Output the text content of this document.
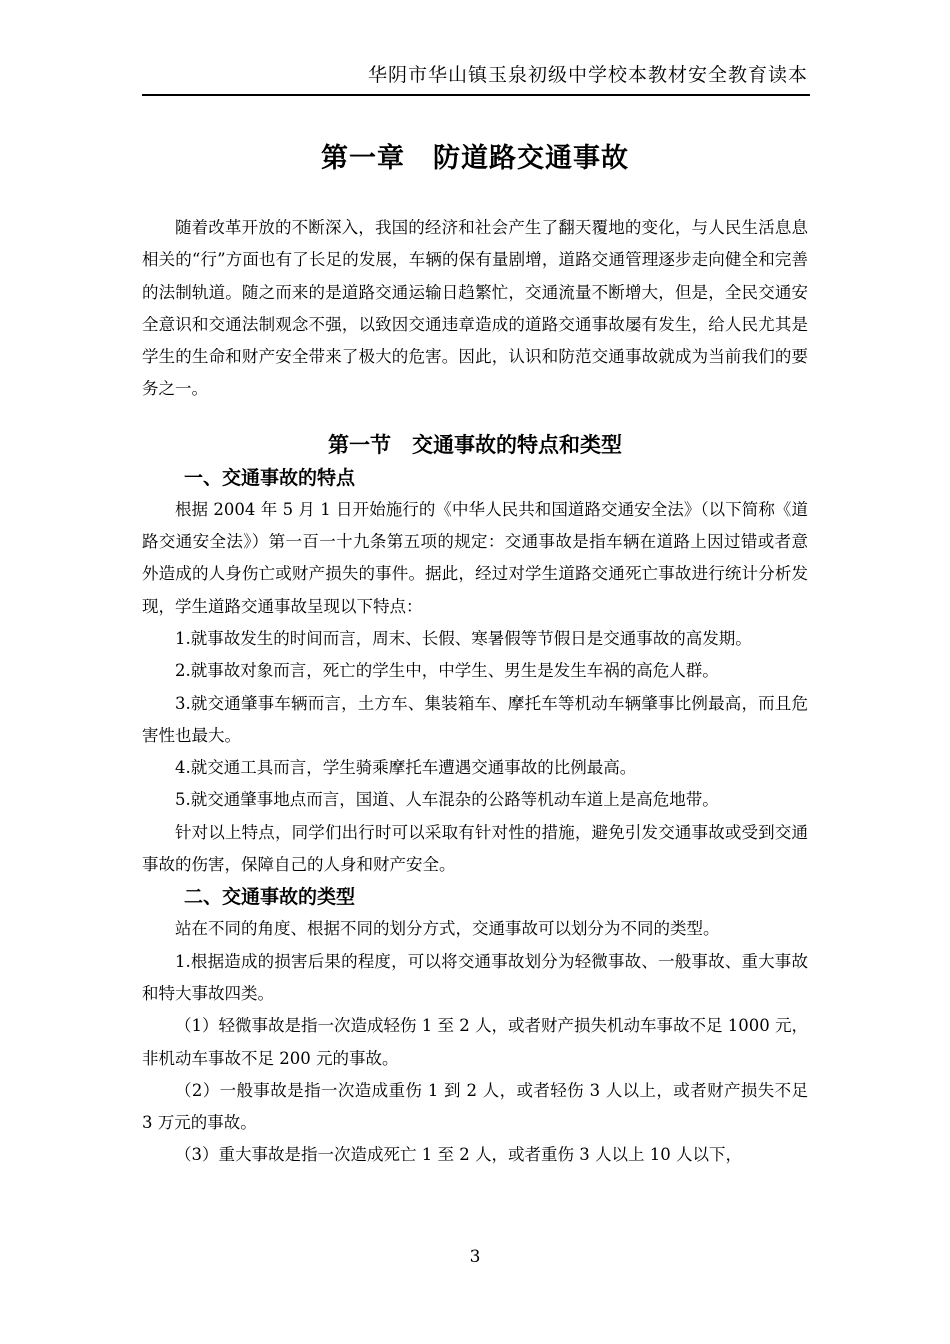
华阴市华山镇玉泉初级中学校本教材安全教育读本
第一章　防道路交通事故

随着改革开放的不断深入，我国的经济和社会产生了翻天覆地的变化，与人民生活息息相关的“行”方面也有了长足的发展，车辆的保有量剧增，道路交通管理逐步走向健全和完善的法制轨道。随之而来的是道路交通运输日趋繁忙，交通流量不断增大，但是，全民交通安全意识和交通法制观念不强，以致因交通违章造成的道路交通事故屡有发生，给人民尤其是学生的生命和财产安全带来了极大的危害。因此，认识和防范交通事故就成为当前我们的要务之一。

第一节　交通事故的特点和类型
一、交通事故的特点

根据 2004 年 5 月 1 日开始施行的《中华人民共和国道路交通安全法》（以下简称《道路交通安全法》）第一百一十九条第五项的规定：交通事故是指车辆在道路上因过错或者意外造成的人身伤亡或财产损失的事件。据此，经过对学生道路交通死亡事故进行统计分析发现，学生道路交通事故呈现以下特点：

1.就事故发生的时间而言，周末、长假、寒暑假等节假日是交通事故的高发期。

2.就事故对象而言，死亡的学生中，中学生、男生是发生车祸的高危人群。

3.就交通肇事车辆而言，土方车、集装箱车、摩托车等机动车辆肇事比例最高，而且危害性也最大。

4.就交通工具而言，学生骑乘摩托车遭遇交通事故的比例最高。

5.就交通肇事地点而言，国道、人车混杂的公路等机动车道上是高危地带。

针对以上特点，同学们出行时可以采取有针对性的措施，避免引发交通事故或受到交通事故的伤害，保障自己的人身和财产安全。

二、交通事故的类型

站在不同的角度、根据不同的划分方式，交通事故可以划分为不同的类型。

1.根据造成的损害后果的程度，可以将交通事故划分为轻微事故、一般事故、重大事故和特大事故四类。

（1）轻微事故是指一次造成轻伤 1 至 2 人，或者财产损失机动车事故不足 1000 元，非机动车事故不足 200 元的事故。

（2）一般事故是指一次造成重伤 1 到 2 人，或者轻伤 3 人以上，或者财产损失不足 3 万元的事故。

（3）重大事故是指一次造成死亡 1 至 2 人，或者重伤 3 人以上 10 人以下，

3
